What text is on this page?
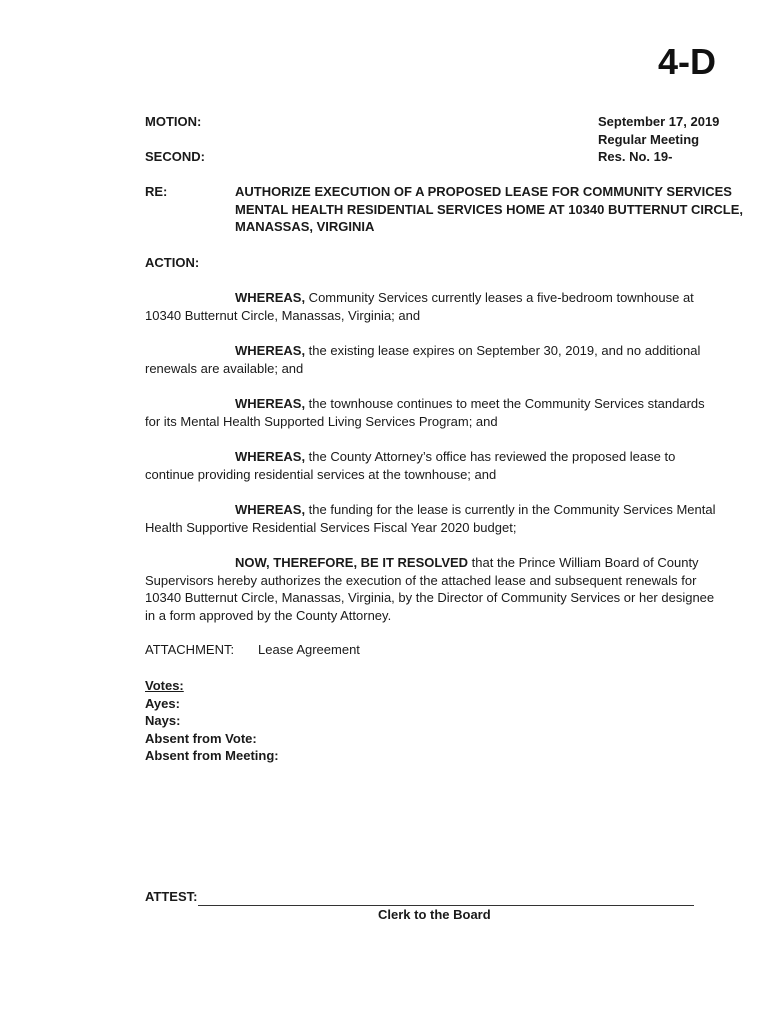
4-D
MOTION:
SECOND:
September 17, 2019
Regular Meeting
Res. No. 19-
RE:	AUTHORIZE EXECUTION OF A PROPOSED LEASE FOR COMMUNITY SERVICES
MENTAL HEALTH RESIDENTIAL SERVICES HOME AT 10340 BUTTERNUT CIRCLE,
MANASSAS, VIRGINIA
ACTION:
WHEREAS, Community Services currently leases a five-bedroom townhouse at
10340 Butternut Circle, Manassas, Virginia; and
WHEREAS, the existing lease expires on September 30, 2019, and no additional
renewals are available; and
WHEREAS, the townhouse continues to meet the Community Services standards
for its Mental Health Supported Living Services Program; and
WHEREAS, the County Attorney’s office has reviewed the proposed lease to
continue providing residential services at the townhouse; and
WHEREAS, the funding for the lease is currently in the Community Services Mental
Health Supportive Residential Services Fiscal Year 2020 budget;
NOW, THEREFORE, BE IT RESOLVED that the Prince William Board of County
Supervisors hereby authorizes the execution of the attached lease and subsequent renewals for
10340 Butternut Circle, Manassas, Virginia, by the Director of Community Services or her designee
in a form approved by the County Attorney.
ATTACHMENT: Lease Agreement
Votes:
Ayes:
Nays:
Absent from Vote:
Absent from Meeting:
ATTEST:
Clerk to the Board
